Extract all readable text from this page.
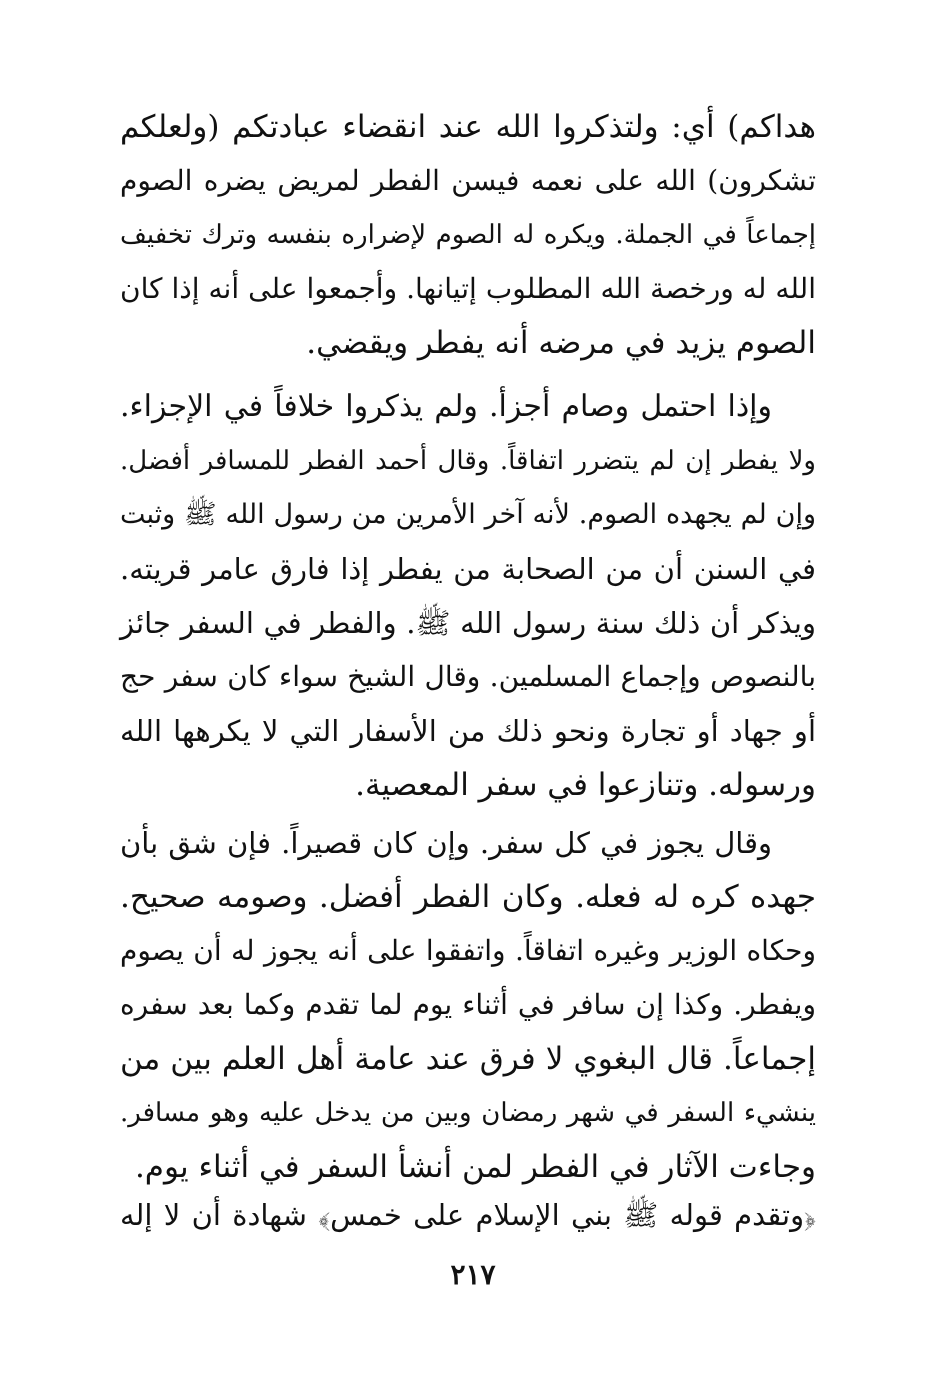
هداكم) أي: ولتذكروا الله عند انقضاء عبادتكم (ولعلكم
تشكرون) الله على نعمه فيسن الفطر لمريض يضره الصوم
إجماعاً في الجملة. ويكره له الصوم لإضراره بنفسه وترك تخفيف
الله له ورخصة الله المطلوب إتيانها. وأجمعوا على أنه إذا كان
الصوم يزيد في مرضه أنه يفطر ويقضي.
وإذا احتمل وصام أجزأ. ولم يذكروا خلافاً في الإجزاء.
ولا يفطر إن لم يتضرر اتفاقاً. وقال أحمد الفطر للمسافر أفضل.
وإن لم يجهده الصوم. لأنه آخر الأمرين من رسول الله ﷺ وثبت
في السنن أن من الصحابة من يفطر إذا فارق عامر قريته.
ويذكر أن ذلك سنة رسول الله ﷺ. والفطر في السفر جائز
بالنصوص وإجماع المسلمين. وقال الشيخ سواء كان سفر حج
أو جهاد أو تجارة ونحو ذلك من الأسفار التي لا يكرهها الله
ورسوله. وتنازعوا في سفر المعصية.
وقال يجوز في كل سفر. وإن كان قصيراً. فإن شق بأن
جهده كره له فعله. وكان الفطر أفضل. وصومه صحيح.
وحكاه الوزير وغيره اتفاقاً. واتفقوا على أنه يجوز له أن يصوم
ويفطر. وكذا إن سافر في أثناء يوم لما تقدم وكما بعد سفره
إجماعاً. قال البغوي لا فرق عند عامة أهل العلم بين من
ينشيء السفر في شهر رمضان وبين من يدخل عليه وهو مسافر.
وجاءت الآثار في الفطر لمن أنشأ السفر في أثناء يوم.
﴿وتقدم قوله ﷺ بني الإسلام على خمس﴾ شهادة أن لا إله
٢١٧
